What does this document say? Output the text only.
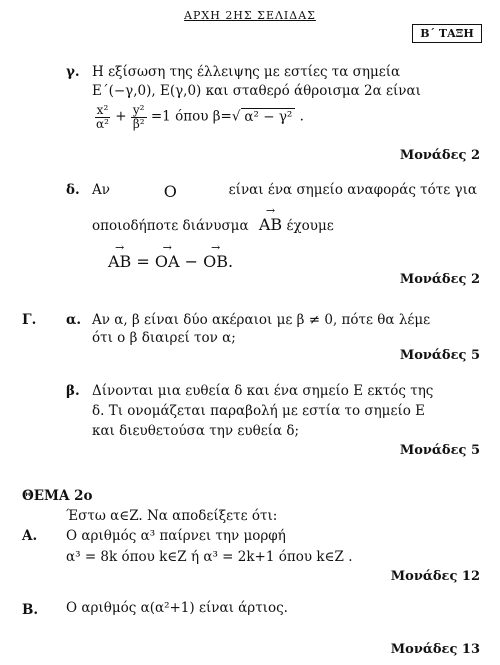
ΑΡΧΗ 2ΗΣ ΣΕΛΙΔΑΣ
Β΄ ΤΑΞΗ
γ. Η εξίσωση της έλλειψης με εστίες τα σημεία
Ε΄(−γ,0), Ε(γ,0) και σταθερό άθροισμα 2α είναι
$\frac{\text{x²}}{\text{α²}} + \frac{\text{y²}}{\text{β²}} =1$ όπου β=√ α² − γ² .
Μονάδες 2
δ. Αν	Ο	είναι ένα σημείο αναφοράς τότε για
οποιοδήποτε διάνυσμα → AB έχουμε
→ AB = → OA − → OB.
Μονάδες 2
Γ. α. Αν α, β είναι δύο ακέραιοι με β ≠ 0, πότε θα λέμε
ότι ο β διαιρεί τον α;
Μονάδες 5
β. Δίνονται μια ευθεία δ και ένα σημείο Ε εκτός της
δ. Τι ονομάζεται παραβολή με εστία το σημείο Ε
και διευθετούσα την ευθεία δ;
Μονάδες 5
ΘΕΜΑ 2ο
Έστω α∈Z. Να αποδείξετε ότι:
Α. Ο αριθμός α³ παίρνει την μορφή
α³ = 8k όπου k∈Z ή α³ = 2k+1 όπου k∈Z .
Μονάδες 12
Β. Ο αριθμός α(α²+1) είναι άρτιος.
Μονάδες 13
